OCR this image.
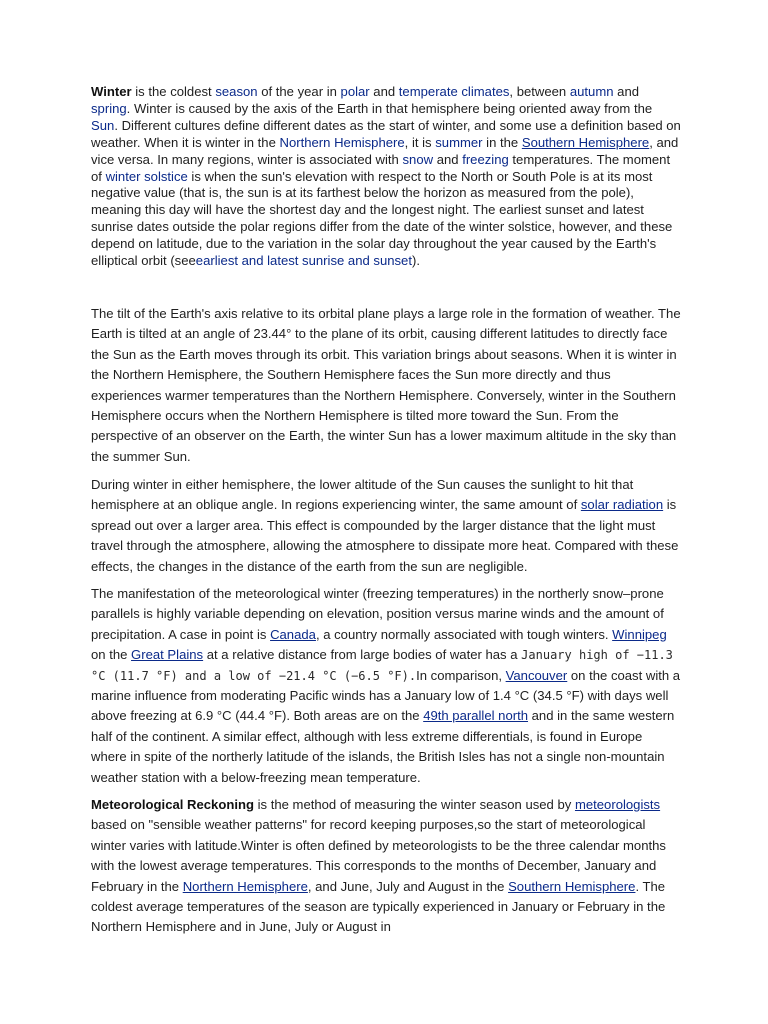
Winter is the coldest season of the year in polar and temperate climates, between autumn and spring. Winter is caused by the axis of the Earth in that hemisphere being oriented away from the Sun. Different cultures define different dates as the start of winter, and some use a definition based on weather. When it is winter in the Northern Hemisphere, it is summer in the Southern Hemisphere, and vice versa. In many regions, winter is associated with snow and freezing temperatures. The moment of winter solstice is when the sun's elevation with respect to the North or South Pole is at its most negative value (that is, the sun is at its farthest below the horizon as measured from the pole), meaning this day will have the shortest day and the longest night. The earliest sunset and latest sunrise dates outside the polar regions differ from the date of the winter solstice, however, and these depend on latitude, due to the variation in the solar day throughout the year caused by the Earth's elliptical orbit (seeearliest and latest sunrise and sunset).

The tilt of the Earth's axis relative to its orbital plane plays a large role in the formation of weather. The Earth is tilted at an angle of 23.44° to the plane of its orbit, causing different latitudes to directly face the Sun as the Earth moves through its orbit. This variation brings about seasons. When it is winter in the Northern Hemisphere, the Southern Hemisphere faces the Sun more directly and thus experiences warmer temperatures than the Northern Hemisphere. Conversely, winter in the Southern Hemisphere occurs when the Northern Hemisphere is tilted more toward the Sun. From the perspective of an observer on the Earth, the winter Sun has a lower maximum altitude in the sky than the summer Sun.

During winter in either hemisphere, the lower altitude of the Sun causes the sunlight to hit that hemisphere at an oblique angle. In regions experiencing winter, the same amount of solar radiation is spread out over a larger area. This effect is compounded by the larger distance that the light must travel through the atmosphere, allowing the atmosphere to dissipate more heat. Compared with these effects, the changes in the distance of the earth from the sun are negligible.

The manifestation of the meteorological winter (freezing temperatures) in the northerly snow–prone parallels is highly variable depending on elevation, position versus marine winds and the amount of precipitation. A case in point is Canada, a country normally associated with tough winters. Winnipeg on the Great Plains at a relative distance from large bodies of water has a January high of −11.3 °C (11.7 °F) and a low of −21.4 °C (−6.5 °F).In comparison, Vancouver on the coast with a marine influence from moderating Pacific winds has a January low of 1.4 °C (34.5 °F) with days well above freezing at 6.9 °C (44.4 °F). Both areas are on the 49th parallel north and in the same western half of the continent. A similar effect, although with less extreme differentials, is found in Europe where in spite of the northerly latitude of the islands, the British Isles has not a single non-mountain weather station with a below-freezing mean temperature.

Meteorological Reckoning is the method of measuring the winter season used by meteorologists based on "sensible weather patterns" for record keeping purposes,so the start of meteorological winter varies with latitude.Winter is often defined by meteorologists to be the three calendar months with the lowest average temperatures. This corresponds to the months of December, January and February in the Northern Hemisphere, and June, July and August in the Southern Hemisphere. The coldest average temperatures of the season are typically experienced in January or February in the Northern Hemisphere and in June, July or August in
